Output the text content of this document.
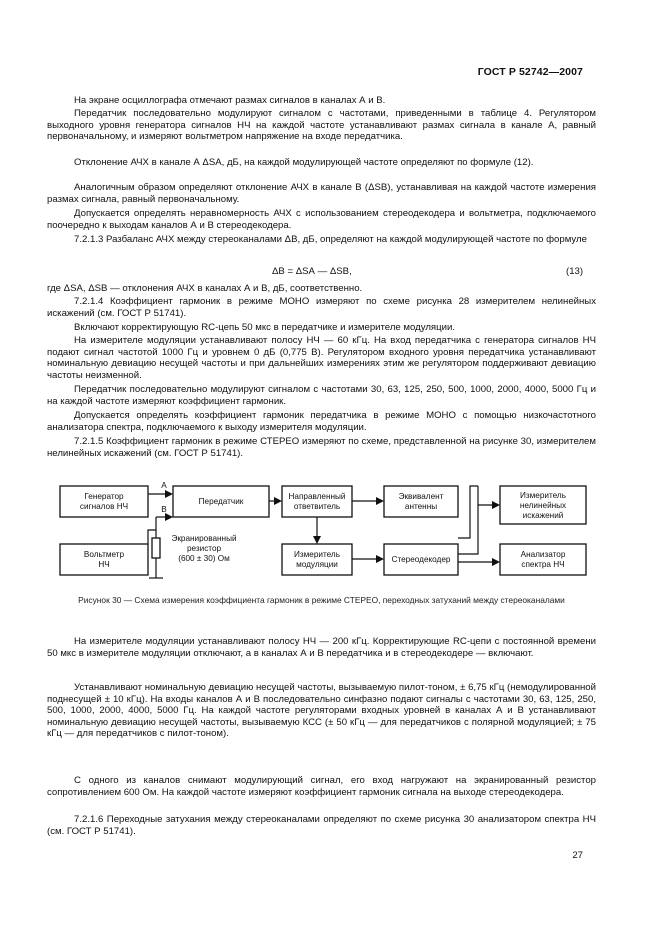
ГОСТ Р 52742—2007
На экране осциллографа отмечают размах сигналов в каналах А и В.
Передатчик последовательно модулируют сигналом с частотами, приведенными в таблице 4. Регулятором выходного уровня генератора сигналов НЧ на каждой частоте устанавливают размах сигнала в канале А, равный первоначальному, и измеряют вольтметром напряжение на входе передатчика.
Отклонение АЧХ в канале А ΔSА, дБ, на каждой модулирующей частоте определяют по формуле (12).
Аналогичным образом определяют отклонение АЧХ в канале В (ΔSВ), устанавливая на каждой частоте измерения размах сигнала, равный первоначальному.
Допускается определять неравномерность АЧХ с использованием стереодекодера и вольтметра, подключаемого поочередно к выходам каналов А и В стереодекодера.
7.2.1.3 Разбаланс АЧХ между стереоканалами ΔВ, дБ, определяют на каждой модулирующей частоте по формуле
ΔВ = ΔSА — ΔSВ,	(13)
где ΔSА, ΔSВ — отклонения АЧХ в каналах А и В, дБ, соответственно.
7.2.1.4 Коэффициент гармоник в режиме МОНО измеряют по схеме рисунка 28 измерителем нелинейных искажений (см. ГОСТ Р 51741).
Включают корректирующую RC-цепь 50 мкс в передатчике и измерителе модуляции.
На измерителе модуляции устанавливают полосу НЧ — 60 кГц. На вход передатчика с генератора сигналов НЧ подают сигнал частотой 1000 Гц и уровнем 0 дБ (0,775 В). Регулятором входного уровня передатчика устанавливают номинальную девиацию несущей частоты и при дальнейших измерениях этим же регулятором поддерживают девиацию частоты неизменной.
Передатчик последовательно модулируют сигналом с частотами 30, 63, 125, 250, 500, 1000, 2000, 4000, 5000 Гц и на каждой частоте измеряют коэффициент гармоник.
Допускается определять коэффициент гармоник передатчика в режиме МОНО с помощью низкочастотного анализатора спектра, подключаемого к выходу измерителя модуляции.
7.2.1.5 Коэффициент гармоник в режиме СТЕРЕО измеряют по схеме, представленной на рисунке 30, измерителем нелинейных искажений (см. ГОСТ Р 51741).
Генератор
сигналов НЧ
Передатчик
Направленный
ответвитель
Эквивалент
антенны
Измеритель
нелинейных
искажений
Вольтметр
НЧ
Экранированный
резистор
(600 ± 30) Ом	Измеритель
модуляции
Стереодекодер
Анализатор
спектра НЧ
А
В
Рисунок 30 — Схема измерения коэффициента гармоник в режиме СТЕРЕО, переходных затуханий между стереоканалами
На измерителе модуляции устанавливают полосу НЧ — 200 кГц. Корректирующие RC-цепи с постоянной времени 50 мкс в измерителе модуляции отключают, а в каналах А и В передатчика и в стереодекодере — включают.
Устанавливают номинальную девиацию несущей частоты, вызываемую пилот-тоном, ± 6,75 кГц (немодулированной поднесущей ± 10 кГц). На входы каналов А и В последовательно синфазно подают сигналы с частотами 30, 63, 125, 250, 500, 1000, 2000, 4000, 5000 Гц. На каждой частоте регуляторами входных уровней в каналах А и В устанавливают номинальную девиацию несущей частоты, вызываемую КСС (± 50 кГц — для передатчиков с полярной модуляцией; ± 75 кГц — для передатчиков с пилот-тоном).
С одного из каналов снимают модулирующий сигнал, его вход нагружают на экранированный резистор сопротивлением 600 Ом. На каждой частоте измеряют коэффициент гармоник сигнала на выходе стереодекодера.
7.2.1.6 Переходные затухания между стереоканалами определяют по схеме рисунка 30 анализатором спектра НЧ (см. ГОСТ Р 51741).
27
